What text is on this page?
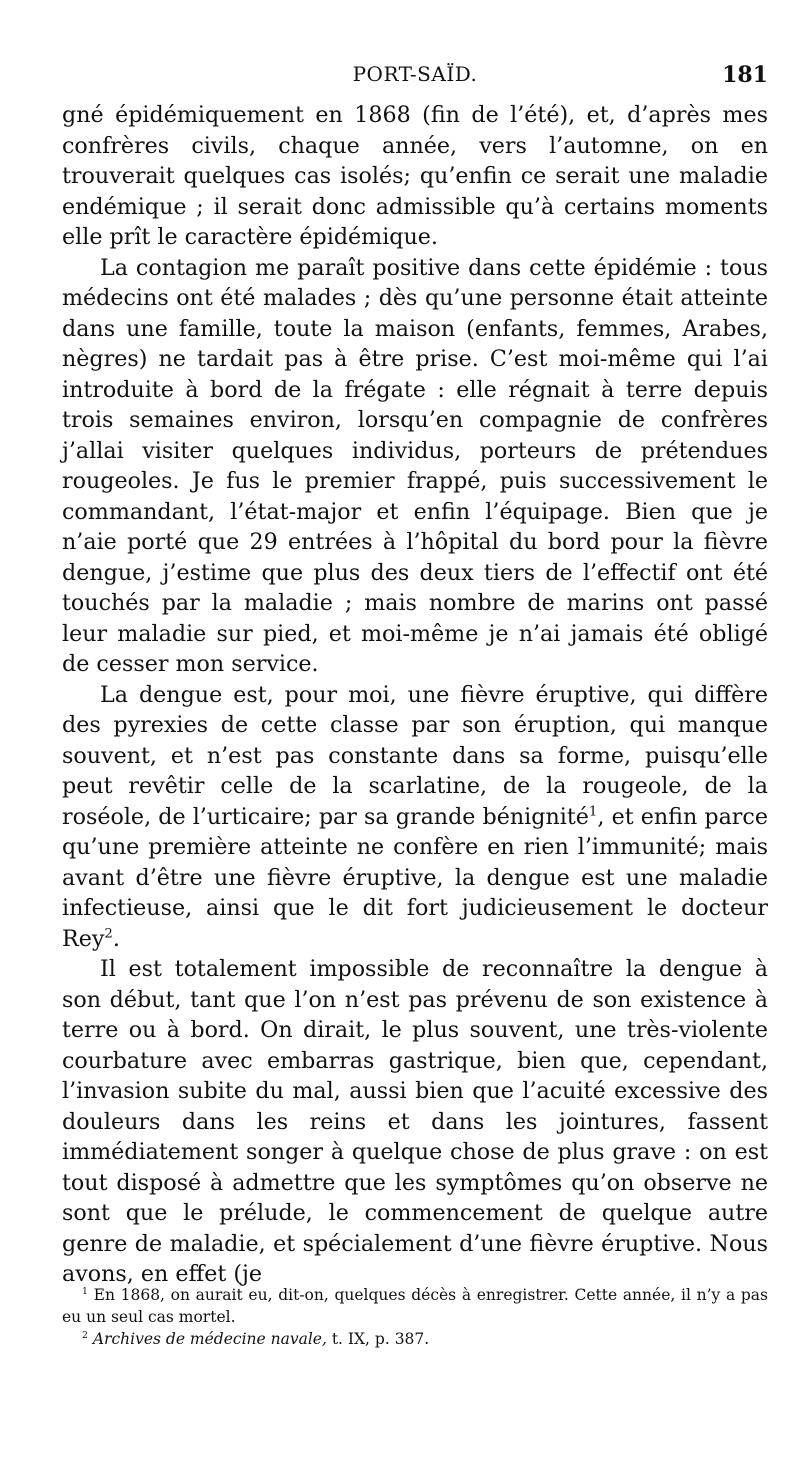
PORT-SAÏD.	181

gné épidémiquement en 1868 (fin de l’été), et, d’après mes confrères civils, chaque année, vers l’automne, on en trouverait quelques cas isolés; qu’enfin ce serait une maladie endémique ; il serait donc admissible qu’à certains moments elle prît le caractère épidémique.

La contagion me paraît positive dans cette épidémie : tous médecins ont été malades ; dès qu’une personne était atteinte dans une famille, toute la maison (enfants, femmes, Arabes, nègres) ne tardait pas à être prise. C’est moi-même qui l’ai introduite à bord de la frégate : elle régnait à terre depuis trois semaines environ, lorsqu’en compagnie de confrères j’allai visiter quelques individus, porteurs de prétendues rougeoles. Je fus le premier frappé, puis successivement le commandant, l’état-major et enfin l’équipage. Bien que je n’aie porté que 29 entrées à l’hôpital du bord pour la fièvre dengue, j’estime que plus des deux tiers de l’effectif ont été touchés par la maladie ; mais nombre de marins ont passé leur maladie sur pied, et moi-même je n’ai jamais été obligé de cesser mon service.

La dengue est, pour moi, une fièvre éruptive, qui diffère des pyrexies de cette classe par son éruption, qui manque souvent, et n’est pas constante dans sa forme, puisqu’elle peut revêtir celle de la scarlatine, de la rougeole, de la roséole, de l’urticaire; par sa grande bénignité$^1$, et enfin parce qu’une première atteinte ne confère en rien l’immunité; mais avant d’être une fièvre éruptive, la dengue est une maladie infectieuse, ainsi que le dit fort judicieusement le docteur Rey$^2$.

Il est totalement impossible de reconnaître la dengue à son début, tant que l’on n’est pas prévenu de son existence à terre ou à bord. On dirait, le plus souvent, une très-violente courbature avec embarras gastrique, bien que, cependant, l’invasion subite du mal, aussi bien que l’acuité excessive des douleurs dans les reins et dans les jointures, fassent immédiatement songer à quelque chose de plus grave : on est tout disposé à admettre que les symptômes qu’on observe ne sont que le prélude, le commencement de quelque autre genre de maladie, et spécialement d’une fièvre éruptive. Nous avons, en effet (je

$^1$ En 1868, on aurait eu, dit-on, quelques décès à enregistrer. Cette année, il n’y a pas eu un seul cas mortel.

$^2$ Archives de médecine navale, t. IX, p. 387.
